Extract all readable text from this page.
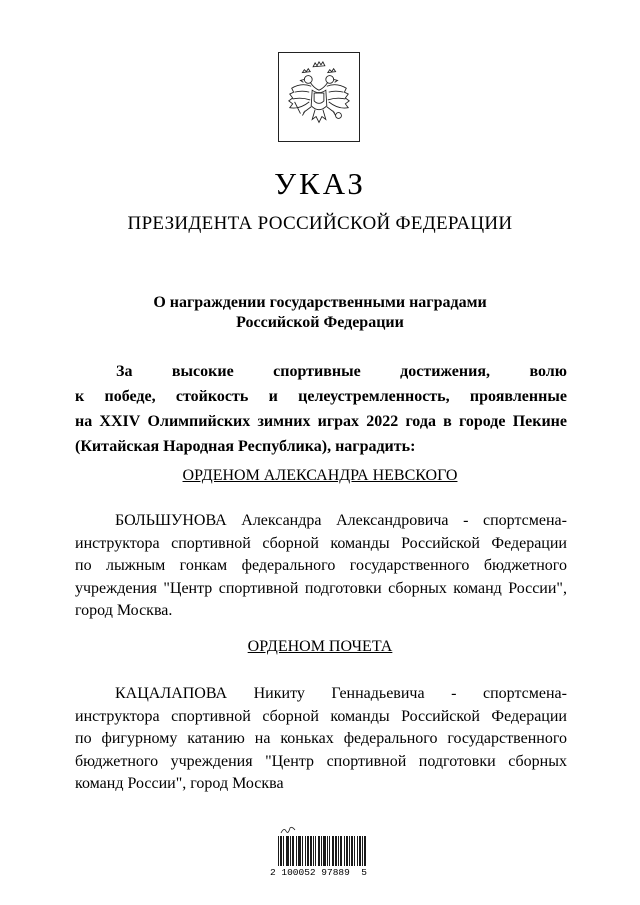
УКАЗ
ПРЕЗИДЕНТА РОССИЙСКОЙ ФЕДЕРАЦИИ
О награждении государственными наградами
Российской Федерации
За высокие спортивные достижения, волю
к победе, стойкость и целеустремленность, проявленные
на XXIV Олимпийских зимних играх 2022 года в городе Пекине
(Китайская Народная Республика), наградить:
ОРДЕНОМ АЛЕКСАНДРА НЕВСКОГО
БОЛЬШУНОВА Александра Александровича - спортсмена-
инструктора спортивной сборной команды Российской Федерации
по лыжным гонкам федерального государственного бюджетного
учреждения "Центр спортивной подготовки сборных команд России",
город Москва.
ОРДЕНОМ ПОЧЕТА
КАЦАЛАПОВА Никиту Геннадьевича - спортсмена-
инструктора спортивной сборной команды Российской Федерации
по фигурному катанию на коньках федерального государственного
бюджетного учреждения "Центр спортивной подготовки сборных
команд России", город Москва
2 100052 97889  5
